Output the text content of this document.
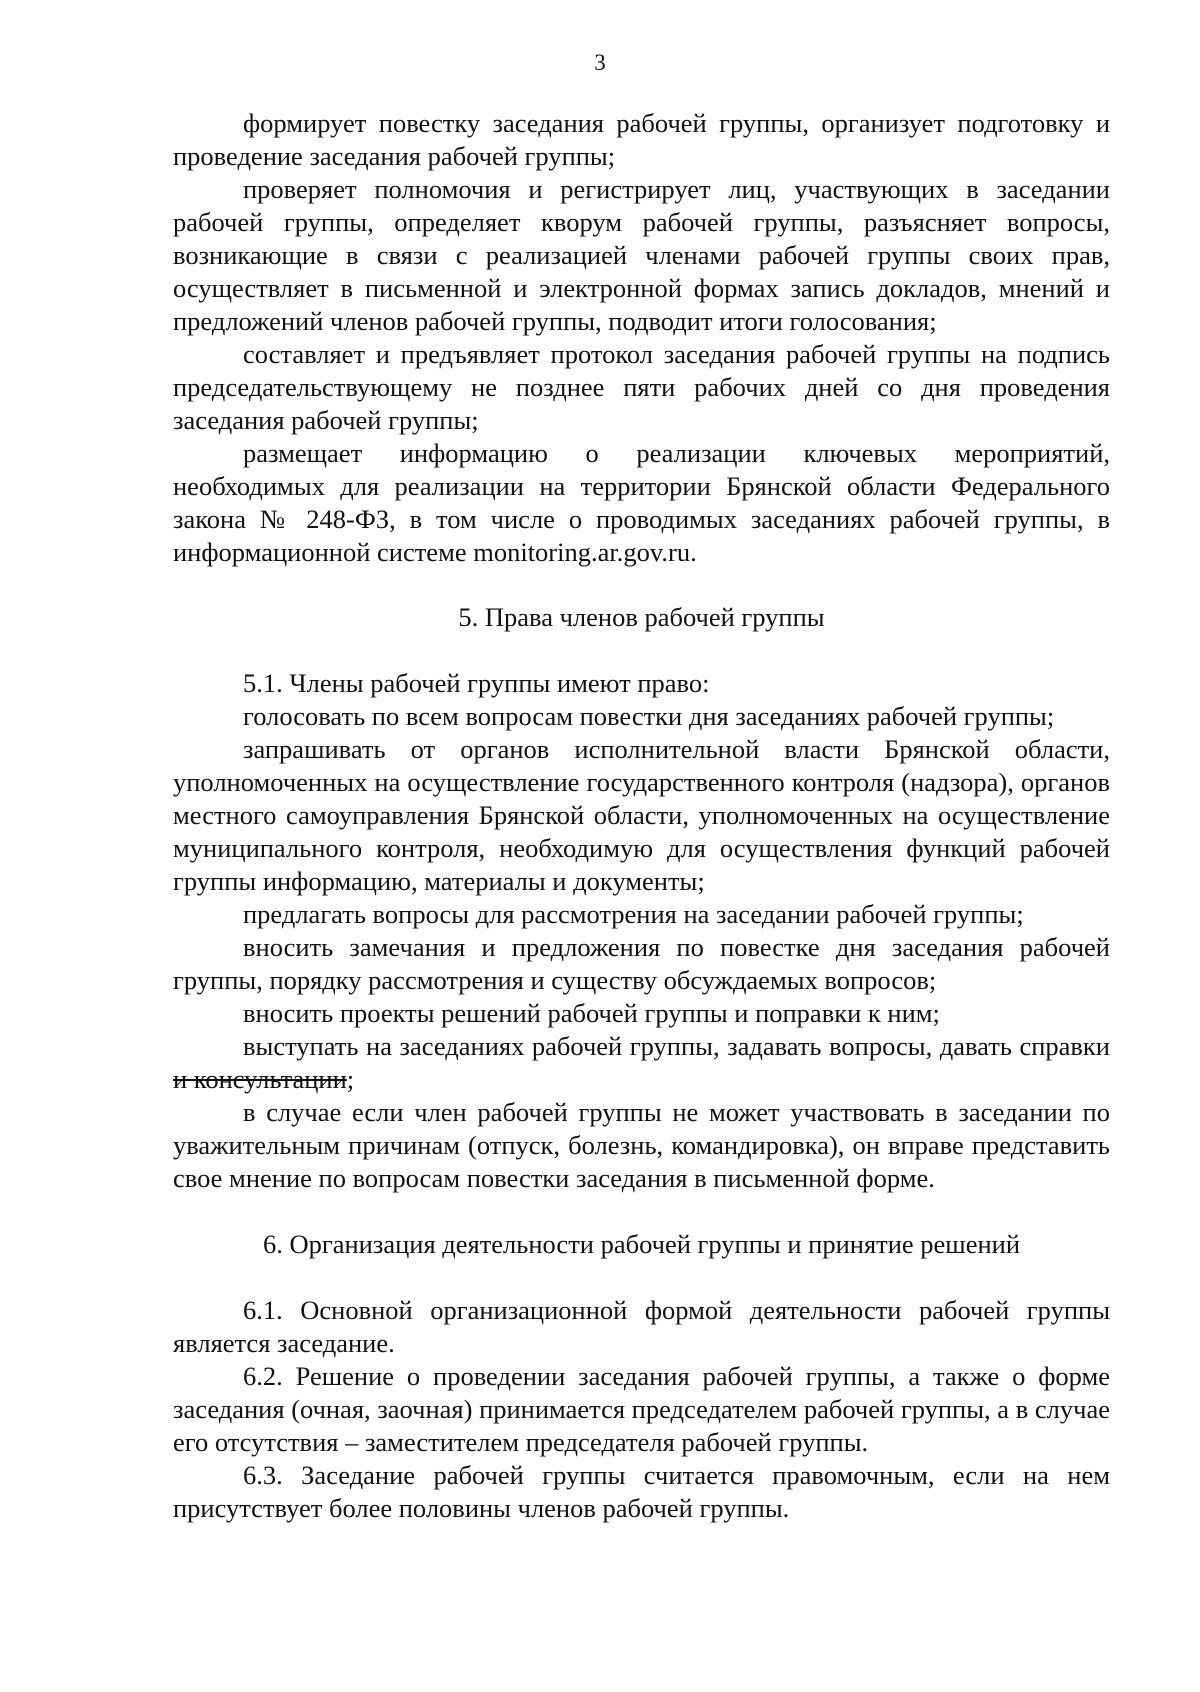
3

формирует повестку заседания рабочей группы, организует подготовку и проведение заседания рабочей группы;

проверяет полномочия и регистрирует лиц, участвующих в заседании рабочей группы, определяет кворум рабочей группы, разъясняет вопросы, возникающие в связи с реализацией членами рабочей группы своих прав, осуществляет в письменной и электронной формах запись докладов, мнений и предложений членов рабочей группы, подводит итоги голосования;

составляет и предъявляет протокол заседания рабочей группы на подпись председательствующему не позднее пяти рабочих дней со дня проведения заседания рабочей группы;

размещает информацию о реализации ключевых мероприятий, необходимых для реализации на территории Брянской области Федерального закона № 248-ФЗ, в том числе о проводимых заседаниях рабочей группы, в информационной системе monitoring.ar.gov.ru.

5. Права членов рабочей группы

5.1. Члены рабочей группы имеют право:

голосовать по всем вопросам повестки дня заседаниях рабочей группы;

запрашивать от органов исполнительной власти Брянской области, уполномоченных на осуществление государственного контроля (надзора), органов местного самоуправления Брянской области, уполномоченных на осуществление муниципального контроля, необходимую для осуществления функций рабочей группы информацию, материалы и документы;

предлагать вопросы для рассмотрения на заседании рабочей группы;

вносить замечания и предложения по повестке дня заседания рабочей группы, порядку рассмотрения и существу обсуждаемых вопросов;

вносить проекты решений рабочей группы и поправки к ним;

выступать на заседаниях рабочей группы, задавать вопросы, давать справки и консультации;

в случае если член рабочей группы не может участвовать в заседании по уважительным причинам (отпуск, болезнь, командировка), он вправе представить свое мнение по вопросам повестки заседания в письменной форме.

6. Организация деятельности рабочей группы и принятие решений

6.1. Основной организационной формой деятельности рабочей группы является заседание.

6.2. Решение о проведении заседания рабочей группы, а также о форме заседания (очная, заочная) принимается председателем рабочей группы, а в случае его отсутствия – заместителем председателя рабочей группы.

6.3. Заседание рабочей группы считается правомочным, если на нем присутствует более половины членов рабочей группы.
